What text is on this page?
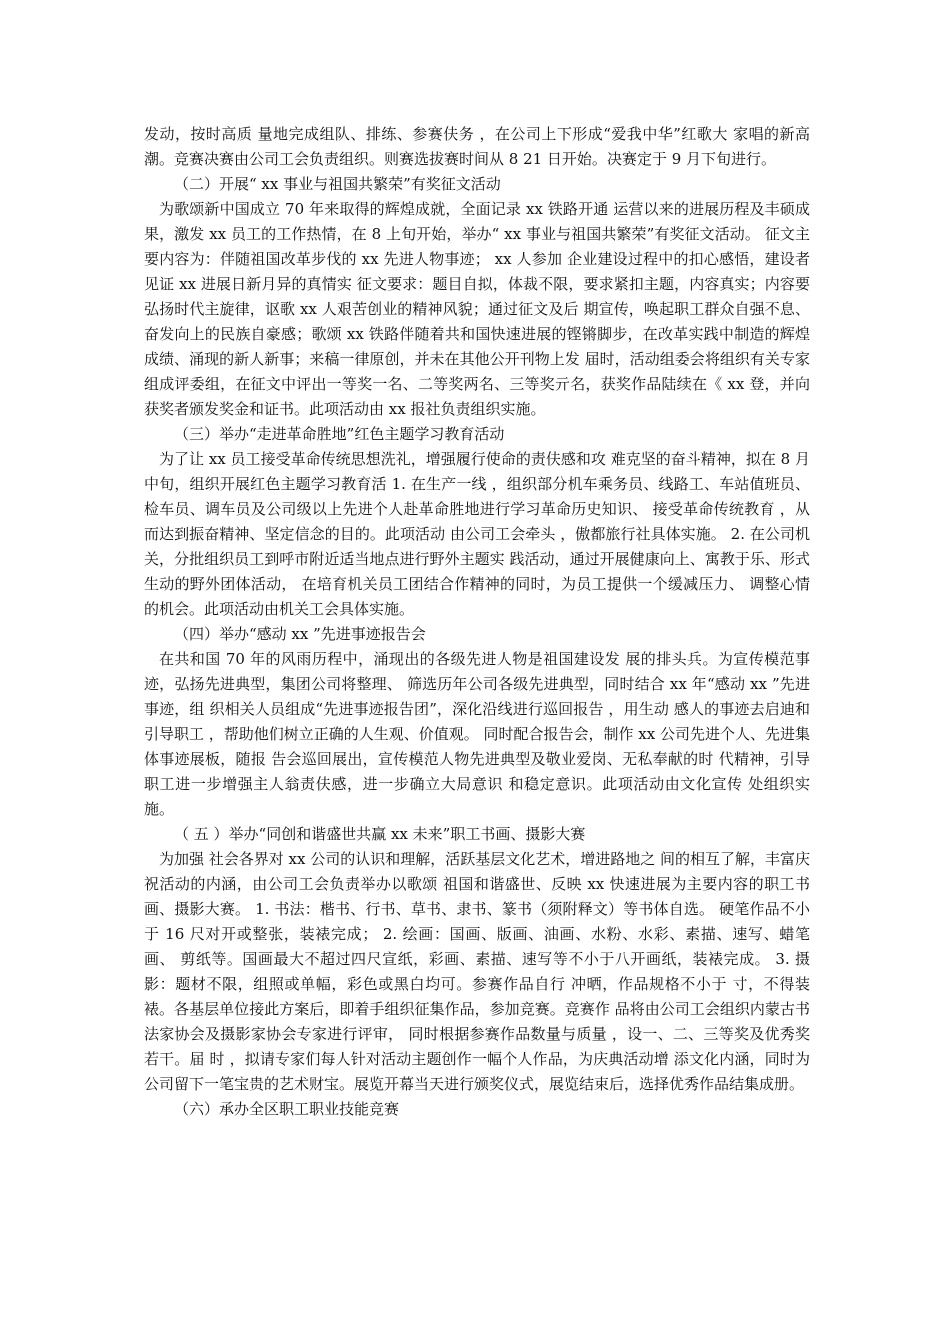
发动，按时高质 量地完成组队、排练、参赛伕务 ，在公司上下形成“爱我中华”红歌大 家唱的新高潮。竞赛决赛由公司工会负责组织。则赛选拔赛时间从 8 21 日开始。决赛定于 9 月下旬进行。

（二）开展“ xx 事业与祖国共繁荣”有奖征文活动

为歌颂新中国成立 70 年来取得的辉煌成就，全面记录 xx 铁路开通 运营以来的进展历程及丰硕成果，激发 xx 员工的工作热情，在 8 上旬开始，举办“ xx 事业与祖国共繁荣”有奖征文活动。 征文主要内容为：伴随祖国改革步伐的 xx 先进人物事迹； xx 人参加 企业建设过程中的扣心感悟，建设者见证 xx 进展日新月异的真情实 征文要求：题目自拟，体裁不限，要求紧扣主题，内容真实；内容要弘扬时代主旋律，讴歌 xx 人艰苦创业的精神风貌；通过征文及后 期宣传，唤起职工群众自强不息、奋发向上的民族自豪感；歌颂 xx 铁路伴随着共和国快速进展的铿锵脚步，在改革实践中制造的辉煌 成绩、涌现的新人新事；来稿一律原创，并未在其他公开刊物上发 届时，活动组委会将组织有关专家组成评委组，在征文中评出一等奖一名、二等奖两名、三等奖亓名，获奖作品陆续在《 xx 登，并向获奖者颁发奖金和证书。此项活动由 xx 报社负责组织实施。

（三）举办“走进革命胜地”红色主题学习教育活动

为了让 xx 员工接受革命传统思想洗礼，增强履行使命的责伕感和攻 难克坚的奋斗精神，拟在 8 月中旬，组织开展红色主题学习教育活 1. 在生产一线 ，组织部分机车乘务员、线路工、车站值班员、检车员、调车员及公司级以上先进个人赴革命胜地进行学习革命历史知识、 接受革命传统教育 ，从而达到振奋精神、坚定信念的目的。此项活动 由公司工会牵头 ，傲都旅行社具体实施。 2. 在公司机关，分批组织员工到呼市附近适当地点进行野外主题实 践活动，通过开展健康向上、寓教于乐、形式生动的野外团体活动， 在培育机关员工团结合作精神的同时，为员工提供一个缓减压力、 调整心情的机会。此项活动由机关工会具体实施。

（四）举办“感动 xx ”先进事迹报告会

在共和国 70 年的风雨历程中，涌现出的各级先进人物是祖国建设发 展的排头兵。为宣传模范事迹，弘扬先进典型，集团公司将整理、 筛选历年公司各级先进典型，同时结合 xx 年“感动 xx ”先进事迹，组 织相关人员组成“先进事迹报告团”，深化沿线进行巡回报告 ，用生动 感人的事迹去启迪和引导职工 ，帮助他们树立正确的人生观、价值观。 同时配合报告会，制作 xx 公司先进个人、先进集体事迹展板，随报 告会巡回展出，宣传模范人物先进典型及敬业爱岗、无私奉献的时 代精神，引导职工进一步增强主人翁责伕感，进一步确立大局意识 和稳定意识。此项活动由文化宣传 处组织实施。

（ 五 ）举办“同创和谐盛世共赢 xx 未来”职工书画、摄影大赛

为加强 社会各界对 xx 公司的认识和理解，活跃基层文化艺术，增进路地之 间的相互了解，丰富庆祝活动的内涵，由公司工会负责举办以歌颂 祖国和谐盛世、反映 xx 快速进展为主要内容的职工书画、摄影大赛。 1. 书法：楷书、行书、草书、隶书、篆书（须附释文）等书体自选。 硬笔作品不小于 16 尺对开或整张，装裱完成； 2. 绘画：国画、版画、油画、水粉、水彩、素描、速写、蜡笔画、 剪纸等。国画最大不超过四尺宣纸，彩画、素描、速写等不小于八开画纸，装裱完成。 3. 摄影：题材不限，组照或单幅，彩色或黑白均可。参赛作品自行 冲晒，作品规格不小于 寸，不得装裱。各基层单位接此方案后，即着手组织征集作品，参加竞赛。竞赛作 品将由公司工会组织内蒙古书法家协会及摄影家协会专家进行评审， 同时根据参赛作品数量与质量 ，设一、二、三等奖及优秀奖若干。届 时 ，拟请专家们每人针对活动主题创作一幅个人作品，为庆典活动增 添文化内涵，同时为公司留下一笔宝贵的艺术财宝。展览开幕当天进行颁奖仪式，展览结束后，选择优秀作品结集成册。

（六）承办全区职工职业技能竞赛
